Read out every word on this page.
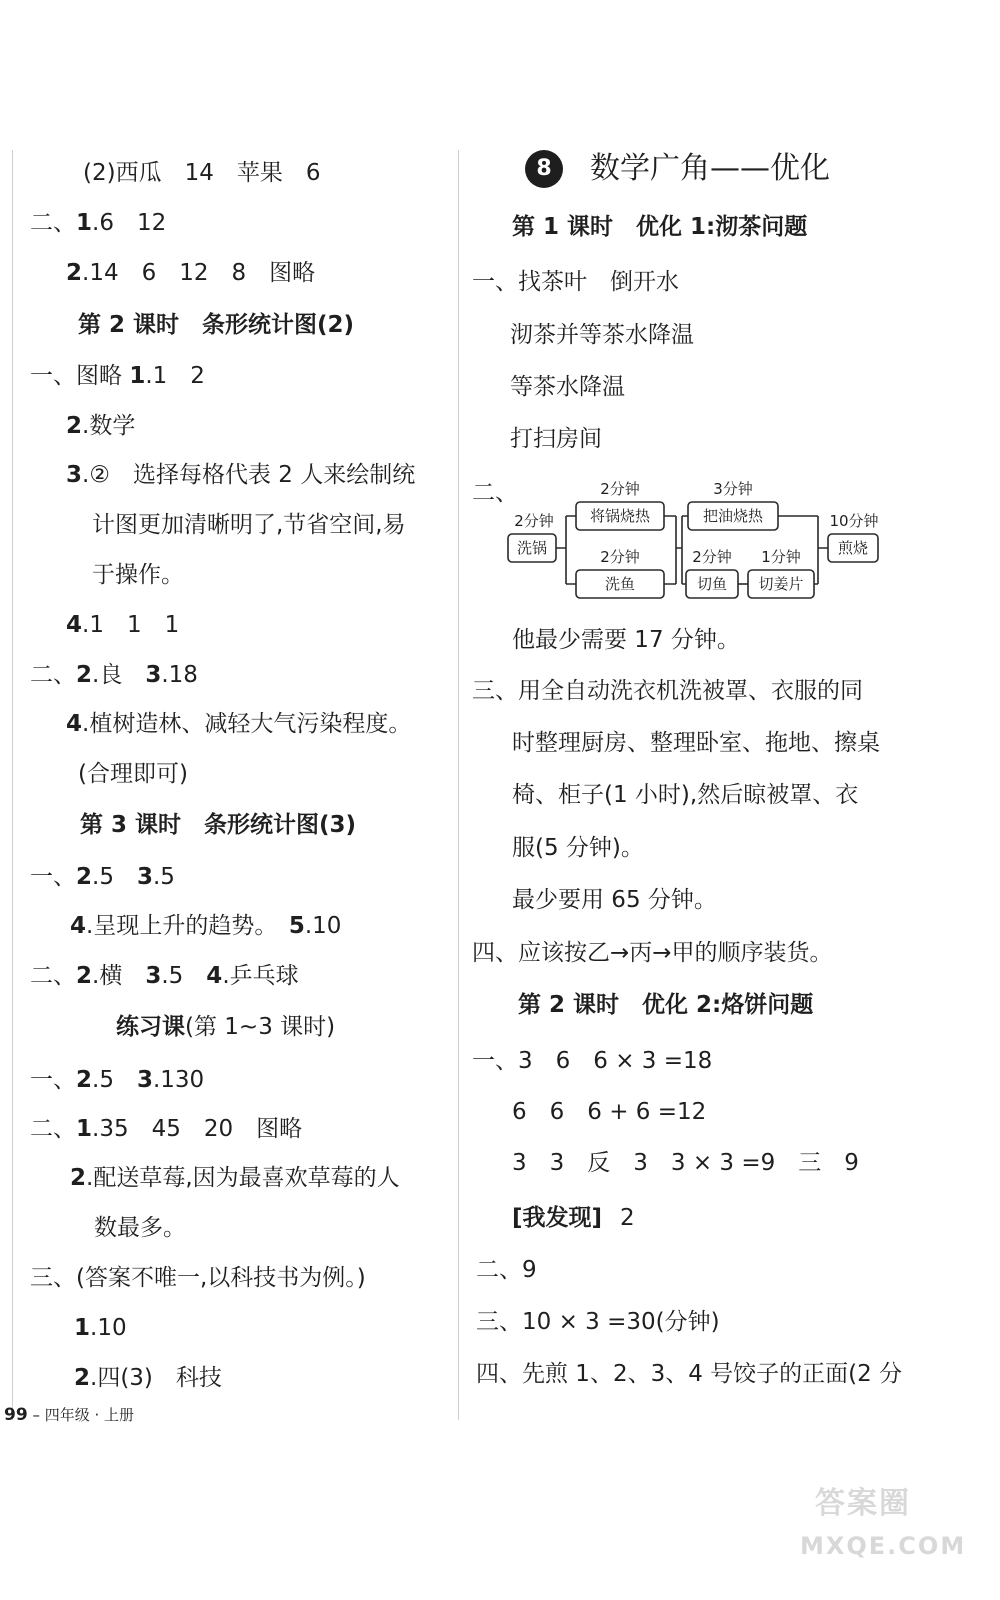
(2)西瓜　14　苹果　6
二、1.6　12
2.14　6　12　8　图略
第 2 课时　条形统计图(2)
一、图略 1.1　2
2.数学
3.②　选择每格代表 2 人来绘制统
计图更加清晰明了,节省空间,易
于操作。
4.1　1　1
二、2.良　3.18
4.植树造林、减轻大气污染程度。
(合理即可)
第 3 课时　条形统计图(3)
一、2.5　3.5
4.呈现上升的趋势。　5.10
二、2.横　3.5　4.乒乓球
练习课(第 1~3 课时)
一、2.5　3.130
二、1.35　45　20　图略
2.配送草莓,因为最喜欢草莓的人
数最多。
三、(答案不唯一,以科技书为例。)
1.10
2.四(3)　科技
8	数学广角——优化
第 1 课时　优化 1:沏茶问题
一、找茶叶　倒开水
沏茶并等茶水降温
等茶水降温
打扫房间
二、
2分钟
洗锅
2分钟
将锅烧热
2分钟
洗鱼
3分钟
把油烧热
2分钟
切鱼
1分钟
切姜片
10分钟
煎烧
他最少需要 17 分钟。
三、用全自动洗衣机洗被罩、衣服的同
时整理厨房、整理卧室、拖地、擦桌
椅、柜子(1 小时),然后晾被罩、衣
服(5 分钟)。
最少要用 65 分钟。
四、应该按乙→丙→甲的顺序装货。
第 2 课时　优化 2:烙饼问题
一、3　6　6 × 3 =18
6　6　6 + 6 =12
3　3　反　3　3 × 3 =9　三　9
[我发现] 2
二、9
三、10 × 3 =30(分钟)
四、先煎 1、2、3、4 号饺子的正面(2 分
99 – 四年级 · 上册
答案圈
MXQE.COM
